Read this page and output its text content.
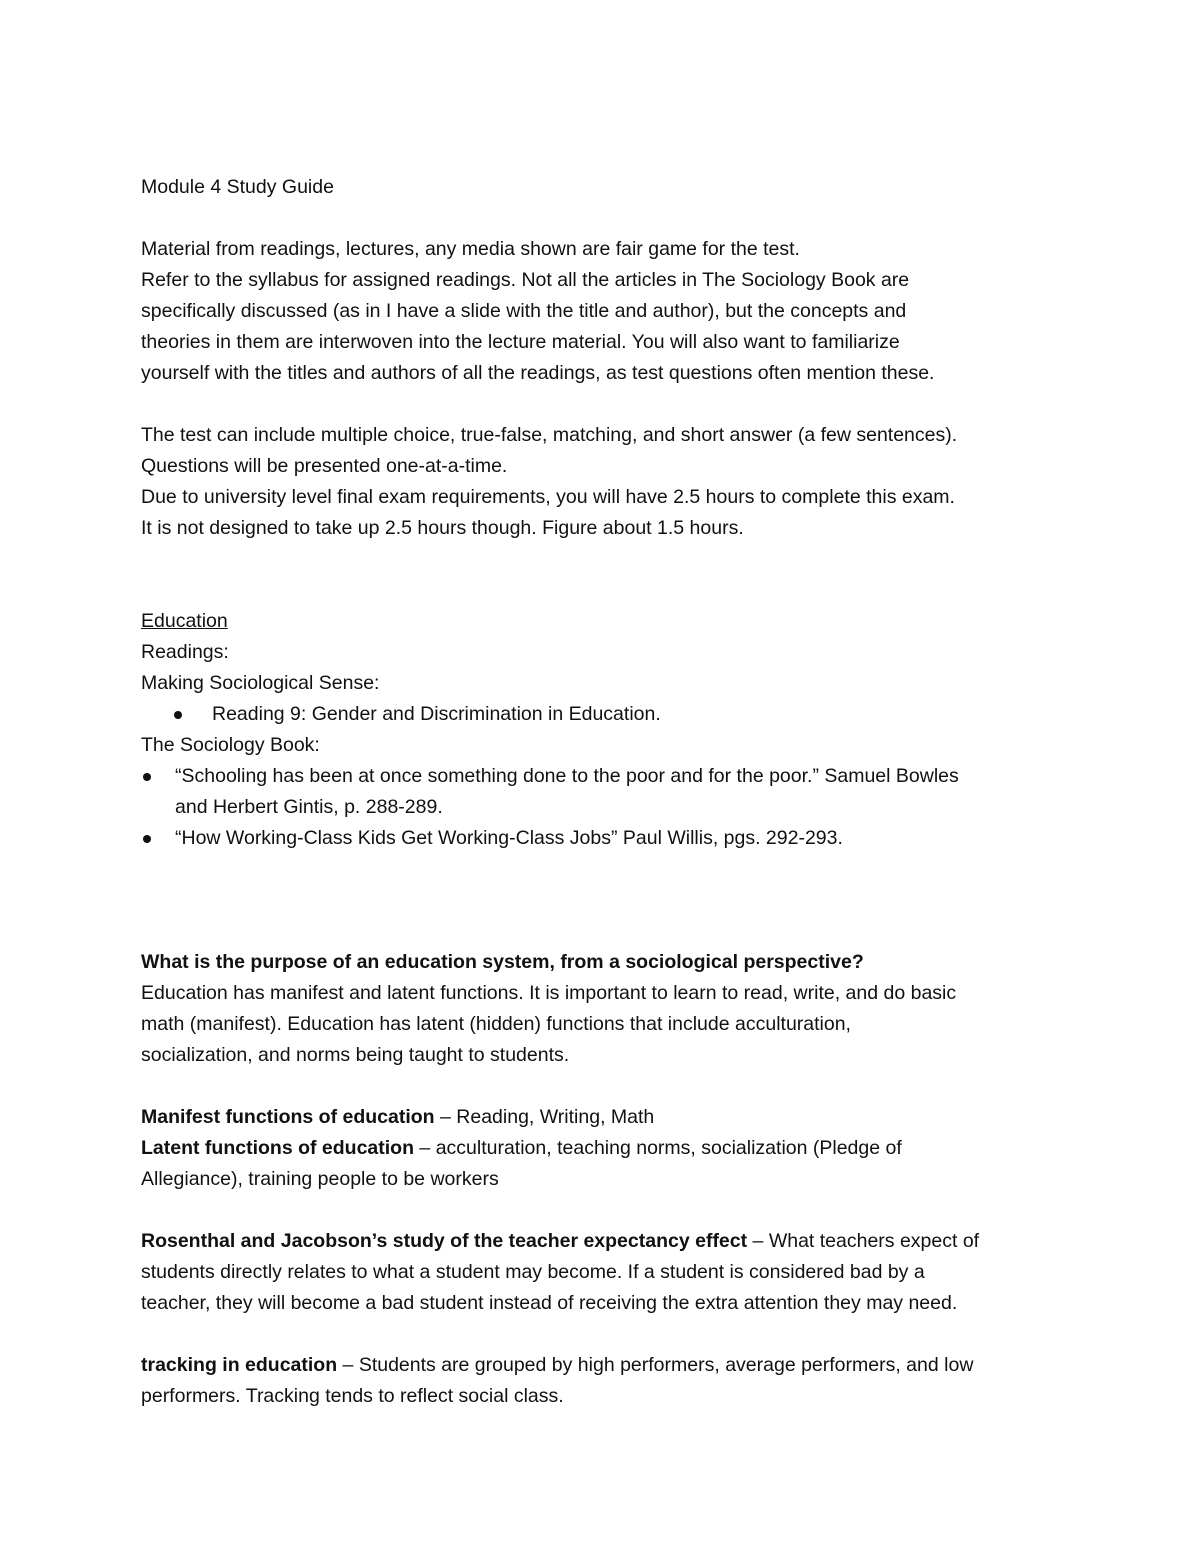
Module 4 Study Guide

Material from readings, lectures, any media shown are fair game for the test.

Refer to the syllabus for assigned readings. Not all the articles in The Sociology Book are

specifically discussed (as in I have a slide with the title and author), but the concepts and

theories in them are interwoven into the lecture material. You will also want to familiarize

yourself with the titles and authors of all the readings, as test questions often mention these.

The test can include multiple choice, true-false, matching, and short answer (a few sentences).

Questions will be presented one-at-a-time.

Due to university level final exam requirements, you will have 2.5 hours to complete this exam.

It is not designed to take up 2.5 hours though. Figure about 1.5 hours.

Education

Readings:

Making Sociological Sense:

Reading 9: Gender and Discrimination in Education.

The Sociology Book:

“Schooling has been at once something done to the poor and for the poor.” Samuel Bowles
and Herbert Gintis, p. 288-289.
“How Working-Class Kids Get Working-Class Jobs” Paul Willis, pgs. 292-293.

What is the purpose of an education system, from a sociological perspective?

Education has manifest and latent functions. It is important to learn to read, write, and do basic

math (manifest). Education has latent (hidden) functions that include acculturation,

socialization, and norms being taught to students.

Manifest functions of education – Reading, Writing, Math

Latent functions of education – acculturation, teaching norms, socialization (Pledge of

Allegiance), training people to be workers

Rosenthal and Jacobson’s study of the teacher expectancy effect – What teachers expect of

students directly relates to what a student may become. If a student is considered bad by a

teacher, they will become a bad student instead of receiving the extra attention they may need.

tracking in education – Students are grouped by high performers, average performers, and low

performers. Tracking tends to reflect social class.
